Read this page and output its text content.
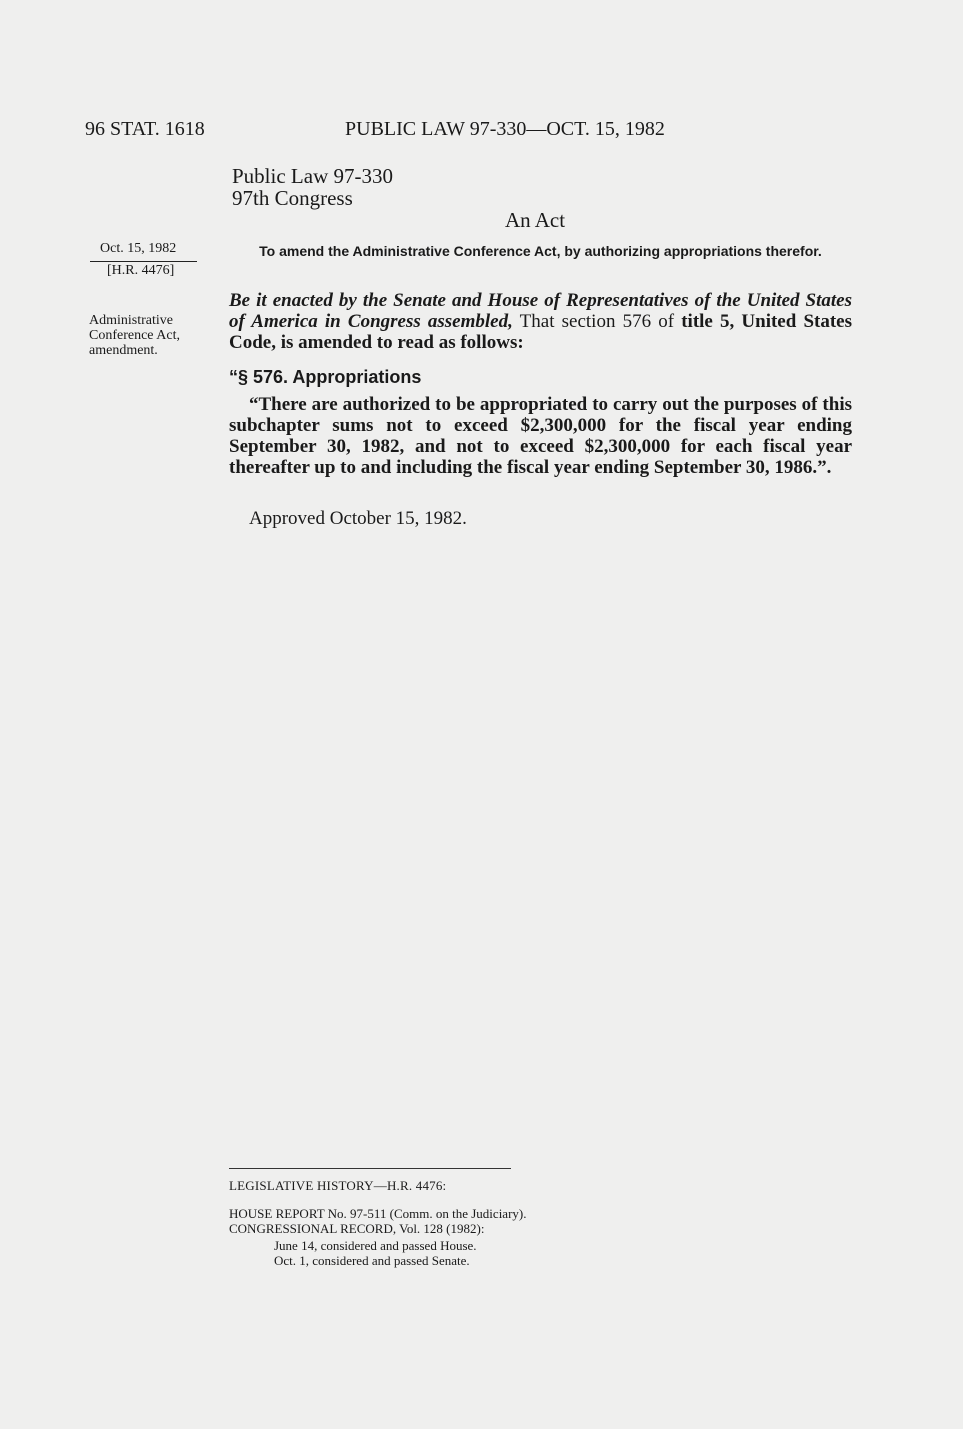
96 STAT. 1618	PUBLIC LAW 97-330—OCT. 15, 1982
Public Law 97-330
97th Congress
An Act
Oct. 15, 1982
[H.R. 4476]
To amend the Administrative Conference Act, by authorizing appropriations therefor.
Administrative
Conference Act,
amendment.
Be it enacted by the Senate and House of Representatives of the United States of America in Congress assembled, That section 576 of title 5, United States Code, is amended to read as follows:
“§ 576. Appropriations
“There are authorized to be appropriated to carry out the purposes of this subchapter sums not to exceed $2,300,000 for the fiscal year ending September 30, 1982, and not to exceed $2,300,000 for each fiscal year thereafter up to and including the fiscal year ending September 30, 1986.”.
Approved October 15, 1982.
LEGISLATIVE HISTORY—H.R. 4476:
HOUSE REPORT No. 97-511 (Comm. on the Judiciary).
CONGRESSIONAL RECORD, Vol. 128 (1982):
June 14, considered and passed House.
Oct. 1, considered and passed Senate.
